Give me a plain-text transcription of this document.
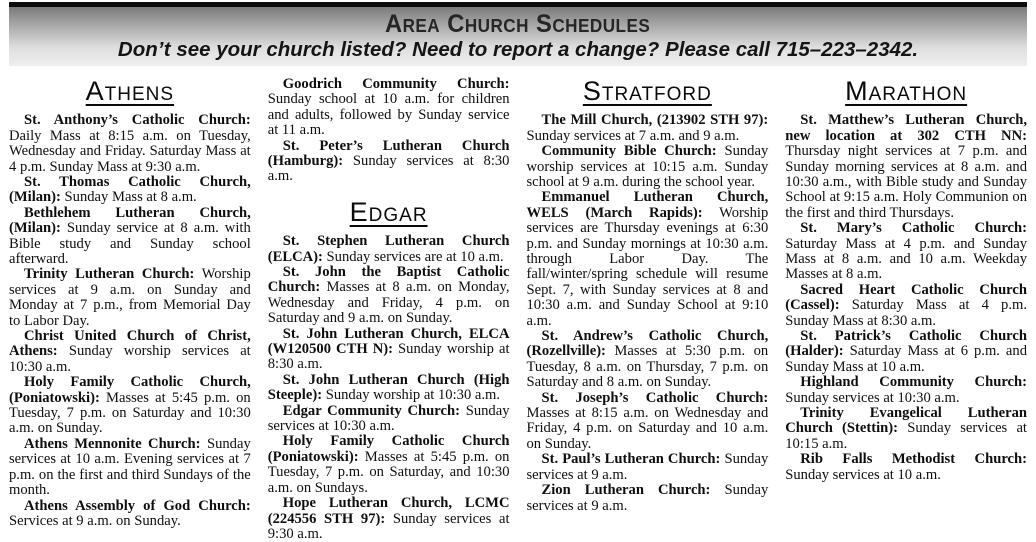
Area Church Schedules
Don’t see your church listed? Need to report a change? Please call 715–223–2342.
Athens

St. Anthony’s Catholic Church: Daily Mass at 8:15 a.m. on Tuesday, Wednesday and Friday. Saturday Mass at 4 p.m. Sunday Mass at 9:30 a.m.

St. Thomas Catholic Church, (Milan): Sunday Mass at 8 a.m.

Bethlehem Lutheran Church, (Milan): Sunday service at 8 a.m. with Bible study and Sunday school afterward.

Trinity Lutheran Church: Worship services at 9 a.m. on Sunday and Monday at 7 p.m., from Memorial Day to Labor Day.

Christ United Church of Christ, Athens: Sunday worship services at 10:30 a.m.

Holy Family Catholic Church, (Poniatowski): Masses at 5:45 p.m. on Tuesday, 7 p.m. on Saturday and 10:30 a.m. on Sunday.

Athens Mennonite Church: Sunday services at 10 a.m. Evening services at 7 p.m. on the first and third Sundays of the month.

Athens Assembly of God Church: Services at 9 a.m. on Sunday.

Goodrich Community Church: Sunday school at 10 a.m. for children and adults, followed by Sunday service at 11 a.m.

St. Peter’s Lutheran Church (Hamburg): Sunday services at 8:30 a.m.

Edgar

St. Stephen Lutheran Church (ELCA): Sunday services are at 10 a.m.

St. John the Baptist Catholic Church: Masses at 8 a.m. on Monday, Wednesday and Friday, 4 p.m. on Saturday and 9 a.m. on Sunday.

St. John Lutheran Church, ELCA (W120500 CTH N): Sunday worship at 8:30 a.m.

St. John Lutheran Church (High Steeple): Sunday worship at 10:30 a.m.

Edgar Community Church: Sunday services at 10:30 a.m.

Holy Family Catholic Church (Poniatowski): Masses at 5:45 p.m. on Tuesday, 7 p.m. on Saturday, and 10:30 a.m. on Sundays.

Hope Lutheran Church, LCMC (224556 STH 97): Sunday services at 9:30 a.m.

Stratford

The Mill Church, (213902 STH 97): Sunday services at 7 a.m. and 9 a.m.

Community Bible Church: Sunday worship services at 10:15 a.m. Sunday school at 9 a.m. during the school year.

Emmanuel Lutheran Church, WELS (March Rapids): Worship services are Thursday evenings at 6:30 p.m. and Sunday mornings at 10:30 a.m. through Labor Day. The fall/winter/spring schedule will resume Sept. 7, with Sunday services at 8 and 10:30 a.m. and Sunday School at 9:10 a.m.

St. Andrew’s Catholic Church, (Rozellville): Masses at 5:30 p.m. on Tuesday, 8 a.m. on Thursday, 7 p.m. on Saturday and 8 a.m. on Sunday.

St. Joseph’s Catholic Church: Masses at 8:15 a.m. on Wednesday and Friday, 4 p.m. on Saturday and 10 a.m. on Sunday.

St. Paul’s Lutheran Church: Sunday services at 9 a.m.

Zion Lutheran Church: Sunday services at 9 a.m.

Marathon

St. Matthew’s Lutheran Church, new location at 302 CTH NN: Thursday night services at 7 p.m. and Sunday morning services at 8 a.m. and 10:30 a.m., with Bible study and Sunday School at 9:15 a.m. Holy Communion on the first and third Thursdays.

St. Mary’s Catholic Church: Saturday Mass at 4 p.m. and Sunday Mass at 8 a.m. and 10 a.m. Weekday Masses at 8 a.m.

Sacred Heart Catholic Church (Cassel): Saturday Mass at 4 p.m. Sunday Mass at 8:30 a.m.

St. Patrick’s Catholic Church (Halder): Saturday Mass at 6 p.m. and Sunday Mass at 10 a.m.

Highland Community Church: Sunday services at 10:30 a.m.

Trinity Evangelical Lutheran Church (Stettin): Sunday services at 10:15 a.m.

Rib Falls Methodist Church: Sunday services at 10 a.m.
